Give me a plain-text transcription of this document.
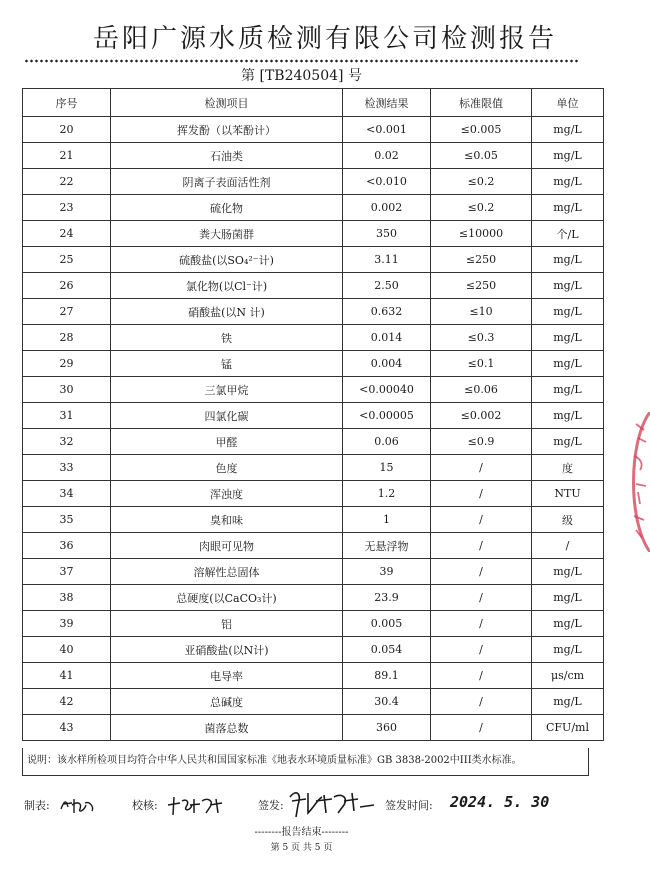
岳阳广源水质检测有限公司检测报告
第 [TB240504] 号
序号	检测项目	检测结果	标准限值	单位
20	挥发酚（以苯酚计）	<0.001	≤0.005	mg/L
21	石油类	0.02	≤0.05	mg/L
22	阴离子表面活性剂	<0.010	≤0.2	mg/L
23	硫化物	0.002	≤0.2	mg/L
24	粪大肠菌群	350	≤10000	个/L
25	硫酸盐(以SO₄²⁻计)	3.11	≤250	mg/L
26	氯化物(以Cl⁻计)	2.50	≤250	mg/L
27	硝酸盐(以N 计)	0.632	≤10	mg/L
28	铁	0.014	≤0.3	mg/L
29	锰	0.004	≤0.1	mg/L
30	三氯甲烷	<0.00040	≤0.06	mg/L
31	四氯化碳	<0.00005	≤0.002	mg/L
32	甲醛	0.06	≤0.9	mg/L
33	色度	15	/	度
34	浑浊度	1.2	/	NTU
35	臭和味	1	/	级
36	肉眼可见物	无悬浮物	/	/
37	溶解性总固体	39	/	mg/L
38	总硬度(以CaCO₃计)	23.9	/	mg/L
39	铝	0.005	/	mg/L
40	亚硝酸盐(以N计)	0.054	/	mg/L
41	电导率	89.1	/	μs/cm
42	总碱度	30.4	/	mg/L
43	菌落总数	360	/	CFU/ml
说明：该水样所检项目均符合中华人民共和国国家标准《地表水环境质量标准》GB 3838-2002中III类水标准。
制表:	校核:	签发:	签发时间: 2024. 5. 30
--------报告结束--------
第 5 页 共 5 页
